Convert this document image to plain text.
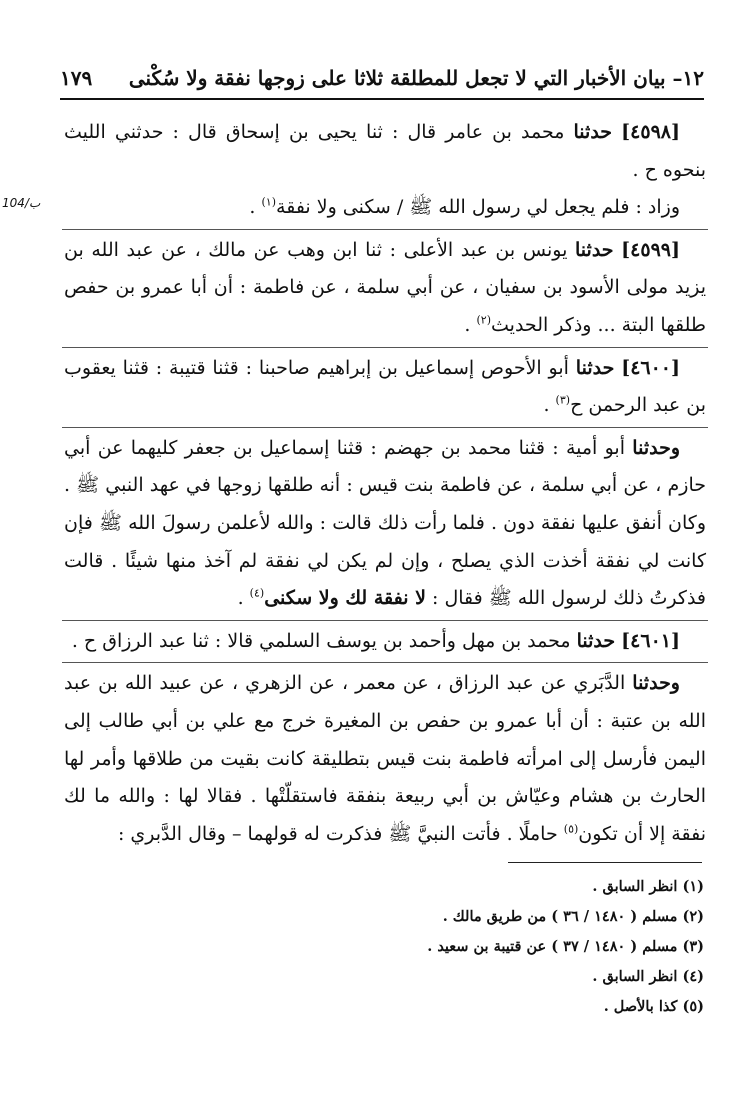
١٢– بيان الأخبار التي لا تجعل للمطلقة ثلاثا على زوجها نفقة ولا سُكْنى
١٧٩
104/ب

[٤٥٩٨] حدثنا محمد بن عامر قال : ثنا يحيى بن إسحاق قال : حدثني الليث بنحوه ح .

وزاد : فلم يجعل لي رسول الله ﷺ / سكنى ولا نفقة$^{(١)}$ .

[٤٥٩٩] حدثنا يونس بن عبد الأعلى : ثنا ابن وهب عن مالك ، عن عبد الله بن يزيد مولى الأسود بن سفيان ، عن أبي سلمة ، عن فاطمة : أن أبا عمرو بن حفص طلقها البتة ... وذكر الحديث$^{(٢)}$ .

[٤٦٠٠] حدثنا أبو الأحوص إسماعيل بن إبراهيم صاحبنا : قثنا قتيبة : قثنا يعقوب بن عبد الرحمن ح$^{(٣)}$ .

وحدثنا أبو أمية : قثنا محمد بن جهضم : قثنا إسماعيل بن جعفر كليهما عن أبي حازم ، عن أبي سلمة ، عن فاطمة بنت قيس : أنه طلقها زوجها في عهد النبي ﷺ . وكان أنفق عليها نفقة دون . فلما رأت ذلك قالت : والله لأعلمن رسولَ الله ﷺ فإن كانت لي نفقة أخذت الذي يصلح ، وإن لم يكن لي نفقة لم آخذ منها شيئًا . قالت فذكرتُ ذلك لرسول الله ﷺ فقال : لا نفقة لك ولا سكنى$^{(٤)}$ .

[٤٦٠١] حدثنا محمد بن مهل وأحمد بن يوسف السلمي قالا : ثنا عبد الرزاق ح .

وحدثنا الدَّبَري عن عبد الرزاق ، عن معمر ، عن الزهري ، عن عبيد الله بن عبد الله بن عتبة : أن أبا عمرو بن حفص بن المغيرة خرج مع علي بن أبي طالب إلى اليمن فأرسل إلى امرأته فاطمة بنت قيس بتطليقة كانت بقيت من طلاقها وأمر لها الحارث بن هشام وعيّاش بن أبي ربيعة بنفقة فاستقلّتْها . فقالا لها : والله ما لك نفقة إلا أن تكون$^{(٥)}$ حاملًا . فأتت النبيَّ ﷺ فذكرت له قولهما – وقال الدَّبري :

(١) انظر السابق .
(٢) مسلم ( ١٤٨٠ / ٣٦ ) من طريق مالك .
(٣) مسلم ( ١٤٨٠ / ٣٧ ) عن قتيبة بن سعيد .
(٤) انظر السابق .
(٥) كذا بالأصل .
